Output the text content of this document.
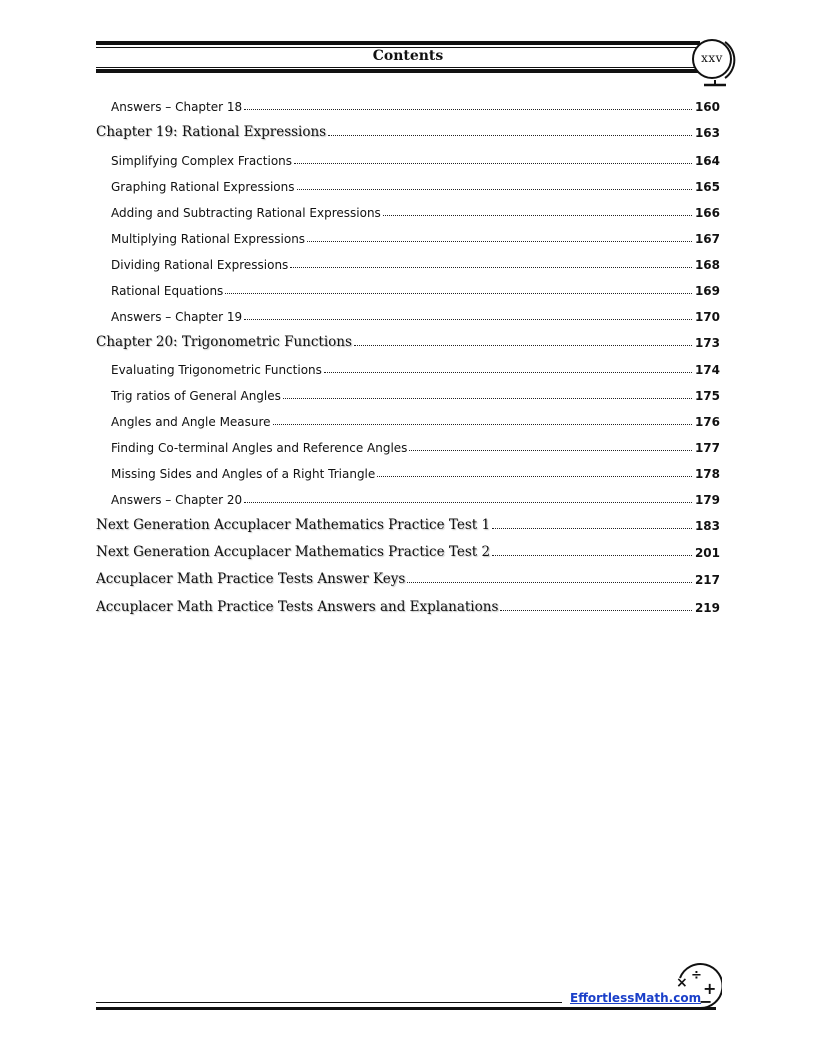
Contents	xxv
Answers – Chapter 18	160
Chapter 19: Rational Expressions	163
Simplifying Complex Fractions	164
Graphing Rational Expressions	165
Adding and Subtracting Rational Expressions	166
Multiplying Rational Expressions	167
Dividing Rational Expressions	168
Rational Equations	169
Answers – Chapter 19	170
Chapter 20: Trigonometric Functions	173
Evaluating Trigonometric Functions	174
Trig ratios of General Angles	175
Angles and Angle Measure	176
Finding Co-terminal Angles and Reference Angles	177
Missing Sides and Angles of a Right Triangle	178
Answers – Chapter 20	179
Next Generation Accuplacer Mathematics Practice Test 1	183
Next Generation Accuplacer Mathematics Practice Test 2	201
Accuplacer Math Practice Tests Answer Keys	217
Accuplacer Math Practice Tests Answers and Explanations	219
EffortlessMath.com
× ÷
+
−
